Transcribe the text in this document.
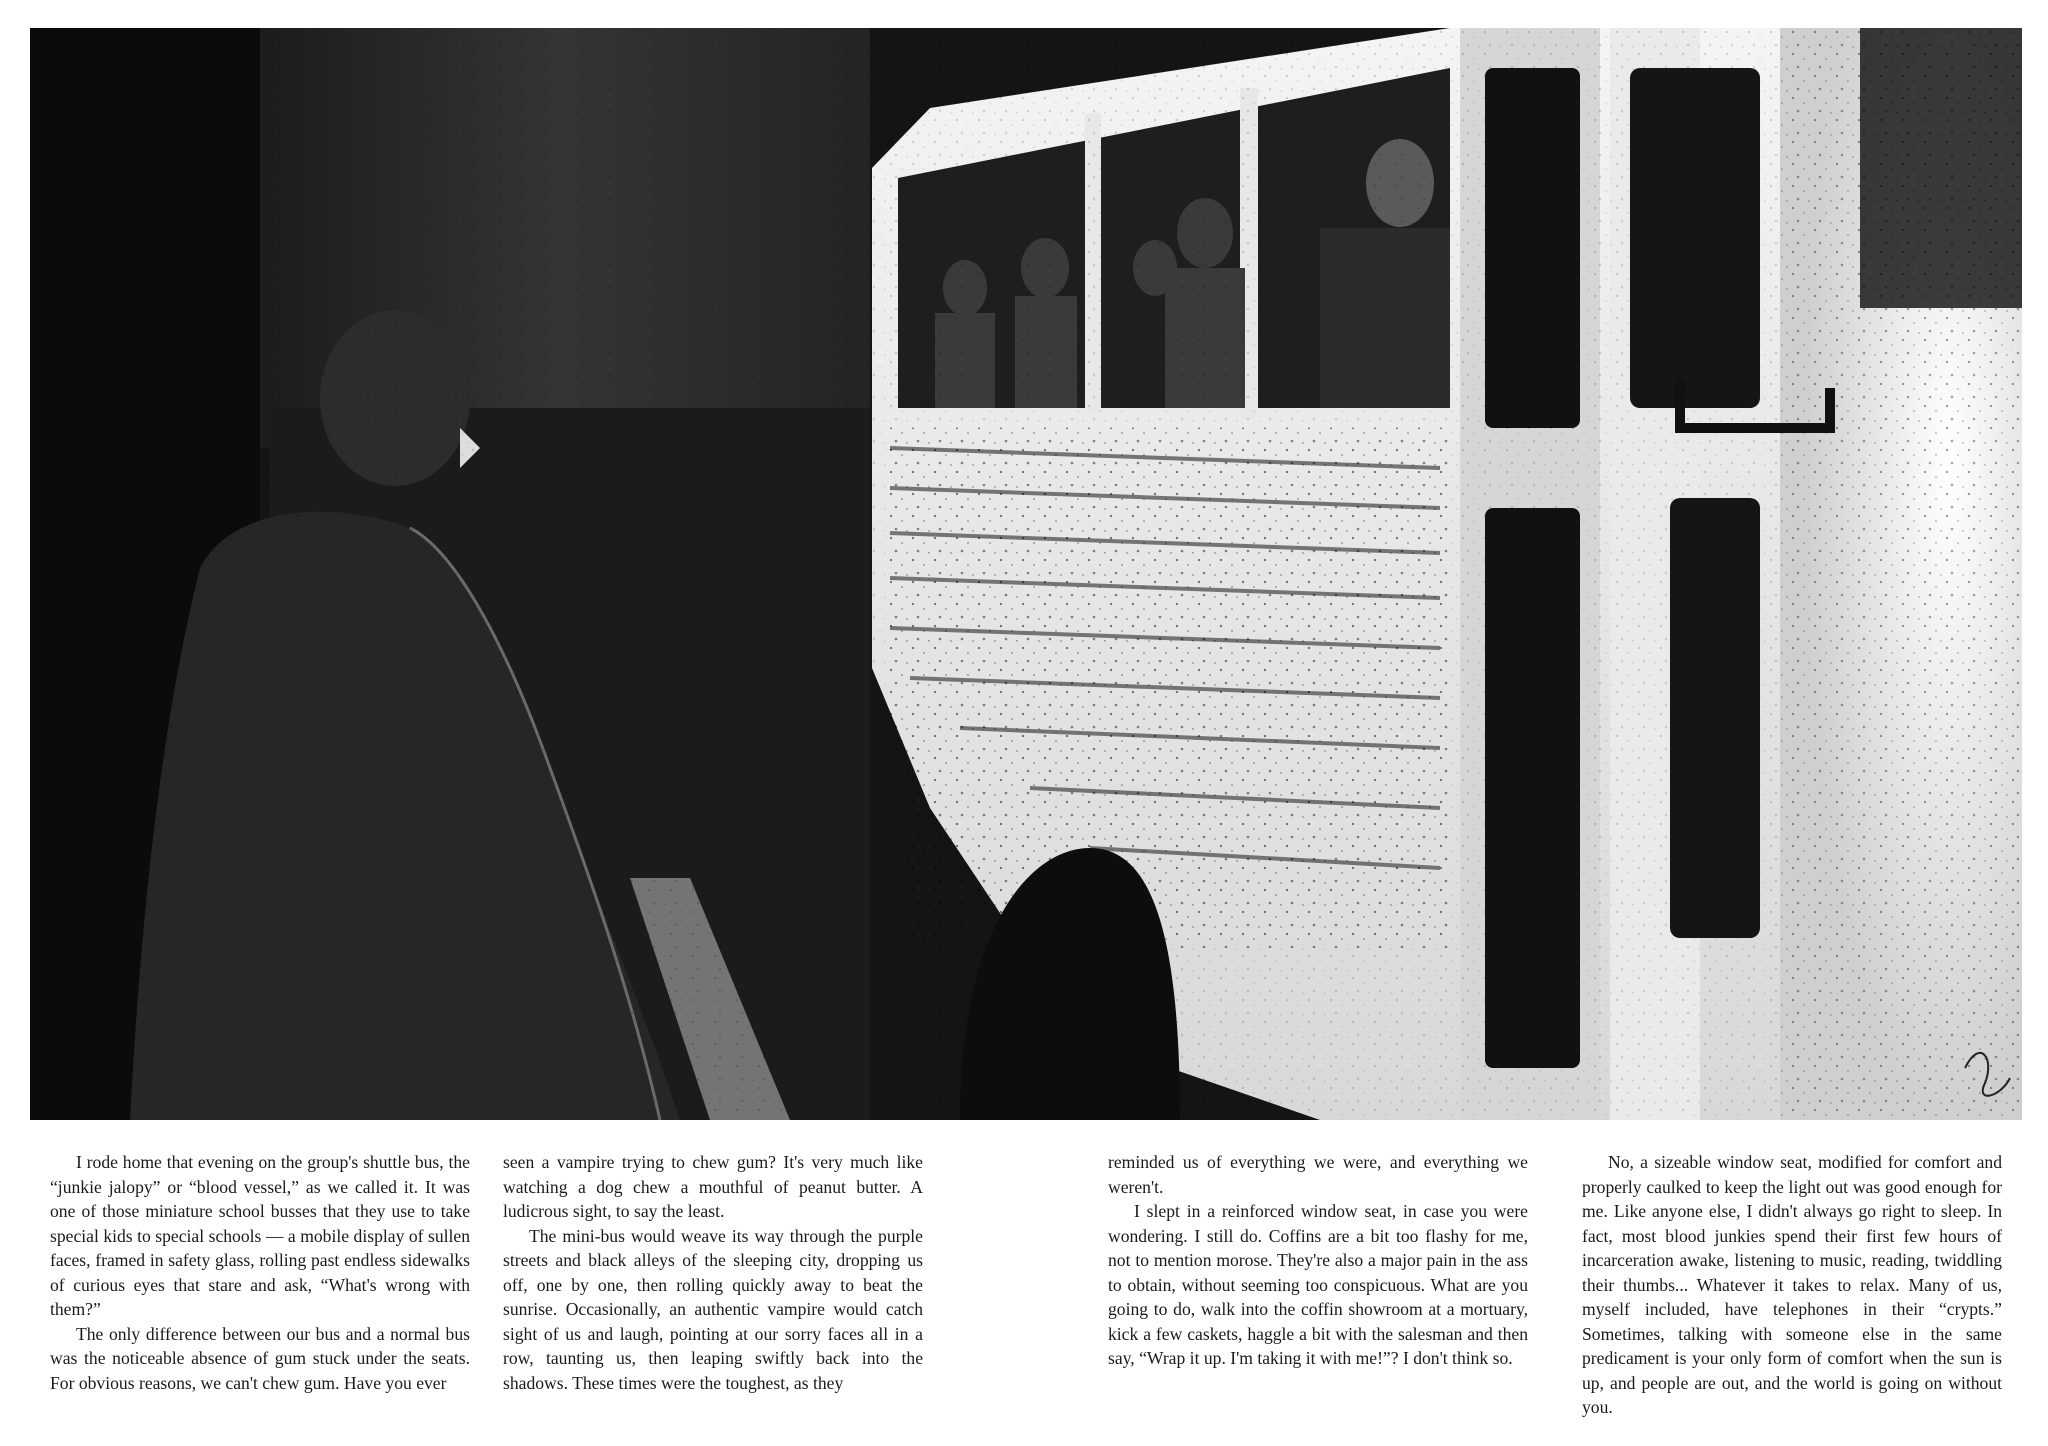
I rode home that evening on the group's shuttle bus, the “junkie jalopy” or “blood vessel,” as we called it. It was one of those miniature school busses that they use to take special kids to special schools — a mobile display of sullen faces, framed in safety glass, rolling past endless sidewalks of curious eyes that stare and ask, “What's wrong with them?”

The only difference between our bus and a normal bus was the noticeable absence of gum stuck under the seats. For obvious reasons, we can't chew gum. Have you ever

seen a vampire trying to chew gum? It's very much like watching a dog chew a mouthful of peanut butter. A ludicrous sight, to say the least.

The mini-bus would weave its way through the purple streets and black alleys of the sleeping city, dropping us off, one by one, then rolling quickly away to beat the sunrise. Occasionally, an authentic vampire would catch sight of us and laugh, pointing at our sorry faces all in a row, taunting us, then leaping swiftly back into the shadows. These times were the toughest, as they

reminded us of everything we were, and everything we weren't.

I slept in a reinforced window seat, in case you were wondering. I still do. Coffins are a bit too flashy for me, not to mention morose. They're also a major pain in the ass to obtain, without seeming too conspicuous. What are you going to do, walk into the coffin showroom at a mortuary, kick a few caskets, haggle a bit with the salesman and then say, “Wrap it up. I'm taking it with me!”? I don't think so.

No, a sizeable window seat, modified for comfort and properly caulked to keep the light out was good enough for me. Like anyone else, I didn't always go right to sleep. In fact, most blood junkies spend their first few hours of incarceration awake, listening to music, reading, twiddling their thumbs... Whatever it takes to relax. Many of us, myself included, have telephones in their “crypts.” Sometimes, talking with someone else in the same predicament is your only form of comfort when the sun is up, and people are out, and the world is going on without you.
